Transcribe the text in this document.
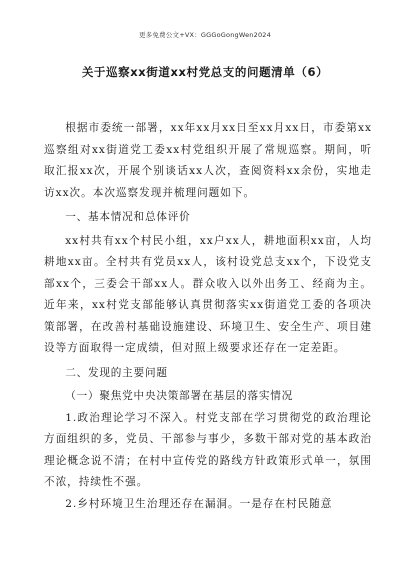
更多免费公文+VX：GGGoGongWen2024
关于巡察xx街道xx村党总支的问题清单（6）

根据市委统一部署，xx年xx月xx日至xx月xx日，市委第xx巡察组对xx街道党工委xx村党组织开展了常规巡察。期间，听取汇报xx次，开展个别谈话xx人次，查阅资料xx余份，实地走访xx次。本次巡察发现并梳理问题如下。

一、基本情况和总体评价

xx村共有xx个村民小组，xx户xx人，耕地面积xx亩，人均耕地xx亩。全村共有党员xx人，该村设党总支xx个，下设党支部xx个，三委会干部xx人。群众收入以外出务工、经商为主。近年来，xx村党支部能够认真贯彻落实xx街道党工委的各项决策部署，在改善村基础设施建设、环境卫生、安全生产、项目建设等方面取得一定成绩，但对照上级要求还存在一定差距。

二、发现的主要问题
（一）聚焦党中央决策部署在基层的落实情况

1.政治理论学习不深入。村党支部在学习贯彻党的政治理论方面组织的多，党员、干部参与事少，多数干部对党的基本政治理论概念说不清；在村中宣传党的路线方针政策形式单一，氛围不浓，持续性不强。

2.乡村环境卫生治理还存在漏洞。一是存在村民随意
